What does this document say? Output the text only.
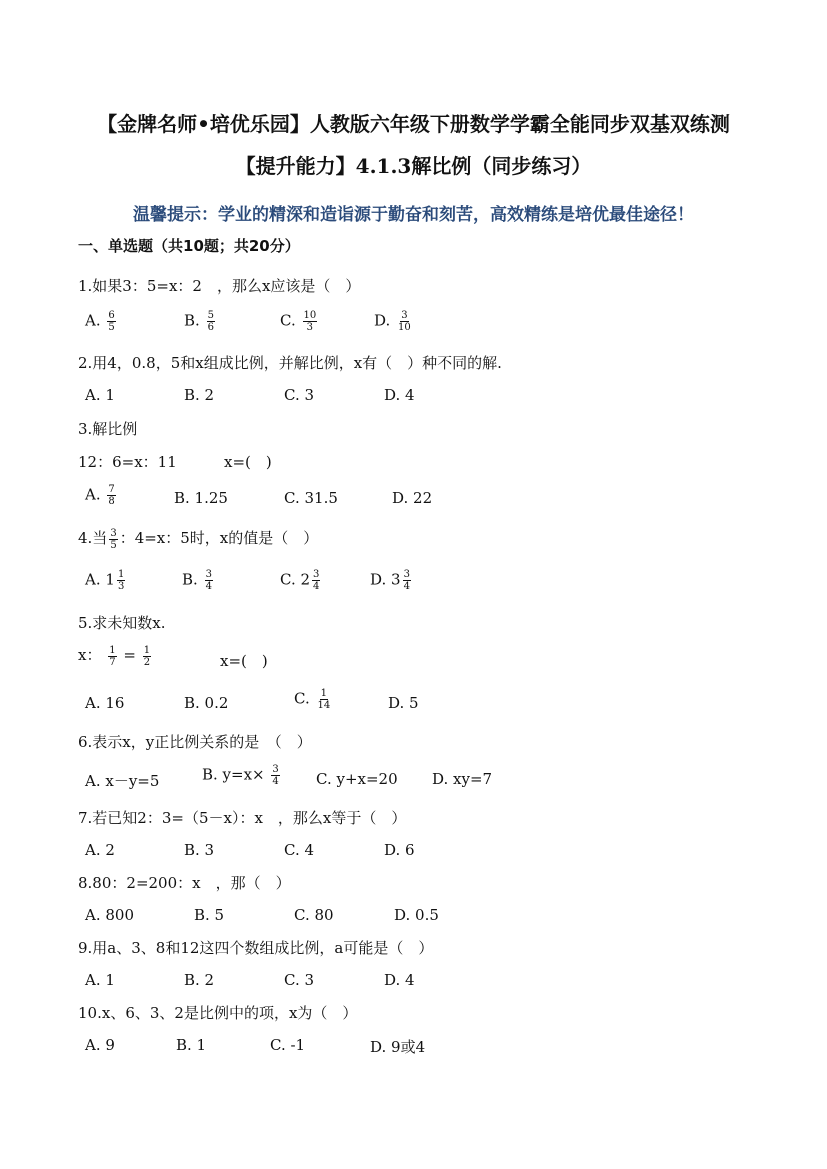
【金牌名师•培优乐园】人教版六年级下册数学学霸全能同步双基双练测
【提升能力】4.1.3解比例（同步练习）
温馨提示：学业的精深和造诣源于勤奋和刻苦，高效精练是培优最佳途径！
一、单选题（共10题；共20分）
1.如果3：5=x：2　，那么x应该是（　）
A. $\frac{6}{5}$	B. $\frac{5}{6}$	C. $\frac{10}{3}$	D. $\frac{3}{10}$
2.用4，0.8，5和x组成比例，并解比例，x有（　）种不同的解.
A. 1	B. 2	C. 3	D. 4
3.解比例
12：6=x：11	x=(　)
A. $\frac{7}{8}$	B. 1.25	C. 31.5	D. 22
4.当 $\frac{3}{5}$ ：4=x：5时，x的值是（　）
A. $1 \frac{1}{3}$	B. $\frac{3}{4}$	C. $2 \frac{3}{4}$	D. $3 \frac{3}{4}$
5.求未知数x.
x： $\frac{1}{7} = \frac{1}{2}$	x=(　)
A. 16	B. 0.2	C. $\frac{1}{14}$	D. 5
6.表示x，y正比例关系的是　（　）
A. x－y=5	B. $y=x\times \frac{3}{4} C$. y+x=20 D. xy=7
7.若已知2：3=（5－x）：x　，那么x等于（　）
A. 2	B. 3	C. 4	D. 6
8.80：2=200：x　，那（　）
A. 800	B. 5	C. 80	D. 0.5
9.用a、3、8和12这四个数组成比例，a可能是（　）
A. 1	B. 2	C. 3	D. 4
10.x、6、3、2是比例中的项，x为（　）
A. 9	B. 1	C. -1	D. 9或4
